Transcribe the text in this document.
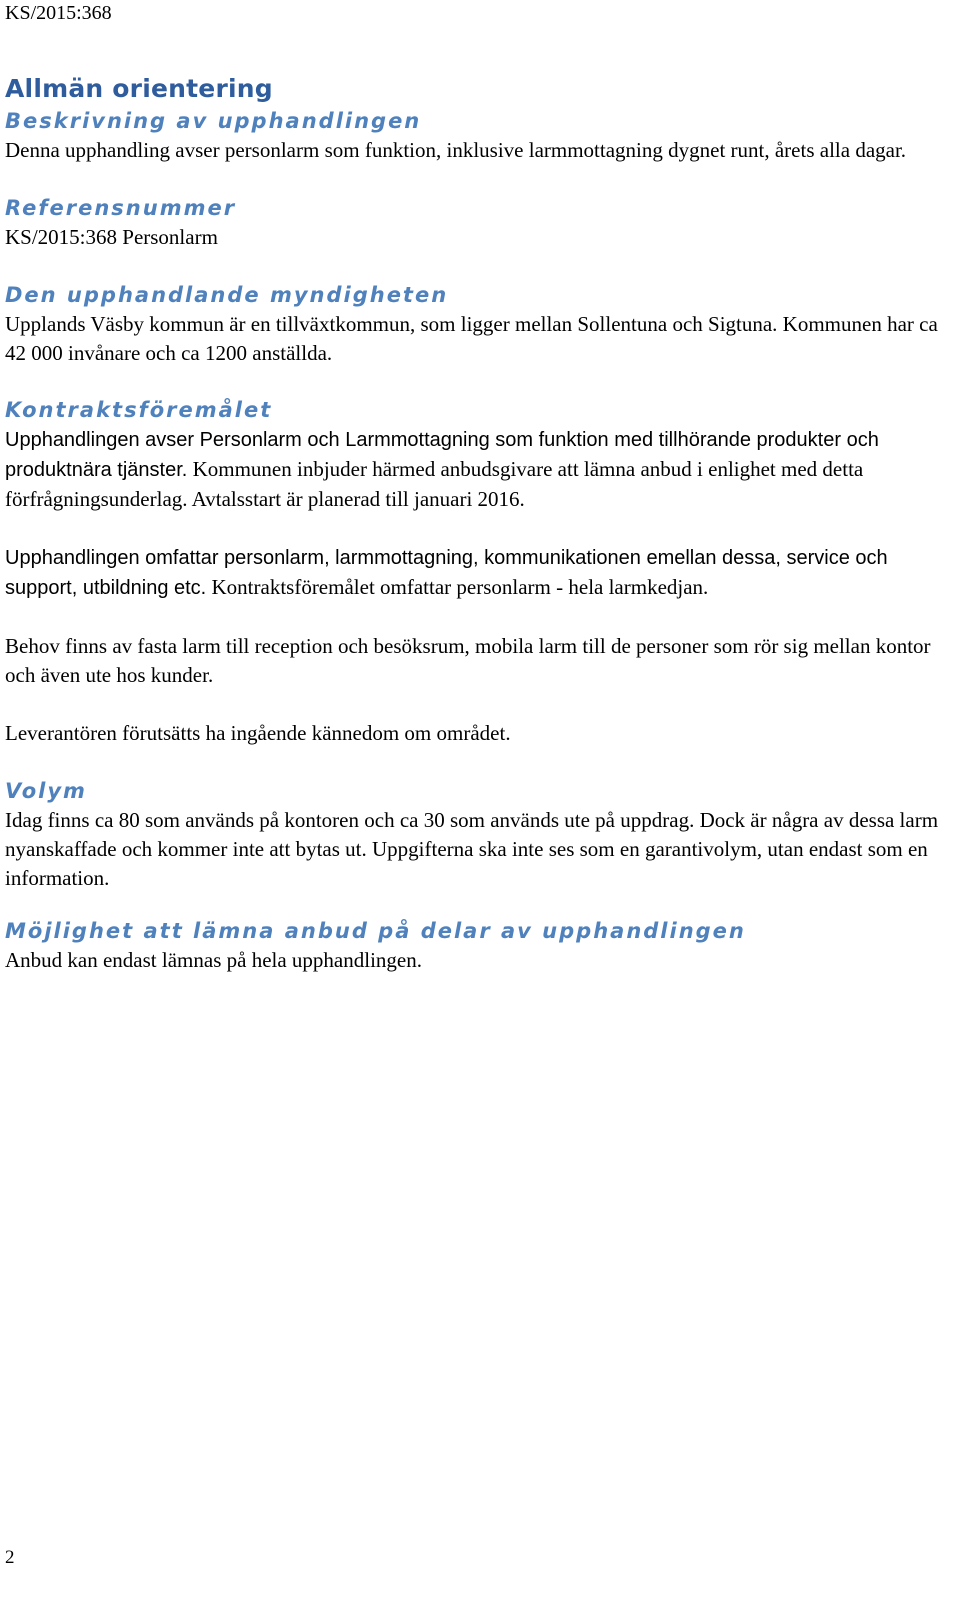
KS/2015:368
Allmän orientering
Beskrivning av upphandlingen

Denna upphandling avser personlarm som funktion, inklusive larmmottagning dygnet runt, årets alla dagar.

Referensnummer

KS/2015:368 Personlarm

Den upphandlande myndigheten

Upplands Väsby kommun är en tillväxtkommun, som ligger mellan Sollentuna och Sigtuna. Kommunen har ca 42 000 invånare och ca 1200 anställda.

Kontraktsföremålet

Upphandlingen avser Personlarm och Larmmottagning som funktion med tillhörande produkter och produktnära tjänster. Kommunen inbjuder härmed anbudsgivare att lämna anbud i enlighet med detta förfrågningsunderlag. Avtalsstart är planerad till januari 2016.

Upphandlingen omfattar personlarm, larmmottagning, kommunikationen emellan dessa, service och support, utbildning etc. Kontraktsföremålet omfattar personlarm - hela larmkedjan.

Behov finns av fasta larm till reception och besöksrum, mobila larm till de personer som rör sig mellan kontor och även ute hos kunder.

Leverantören förutsätts ha ingående kännedom om området.

Volym

Idag finns ca 80 som används på kontoren och ca 30 som används ute på uppdrag. Dock är några av dessa larm nyanskaffade och kommer inte att bytas ut. Uppgifterna ska inte ses som en garantivolym, utan endast som en information.

Möjlighet att lämna anbud på delar av upphandlingen

Anbud kan endast lämnas på hela upphandlingen.

2
